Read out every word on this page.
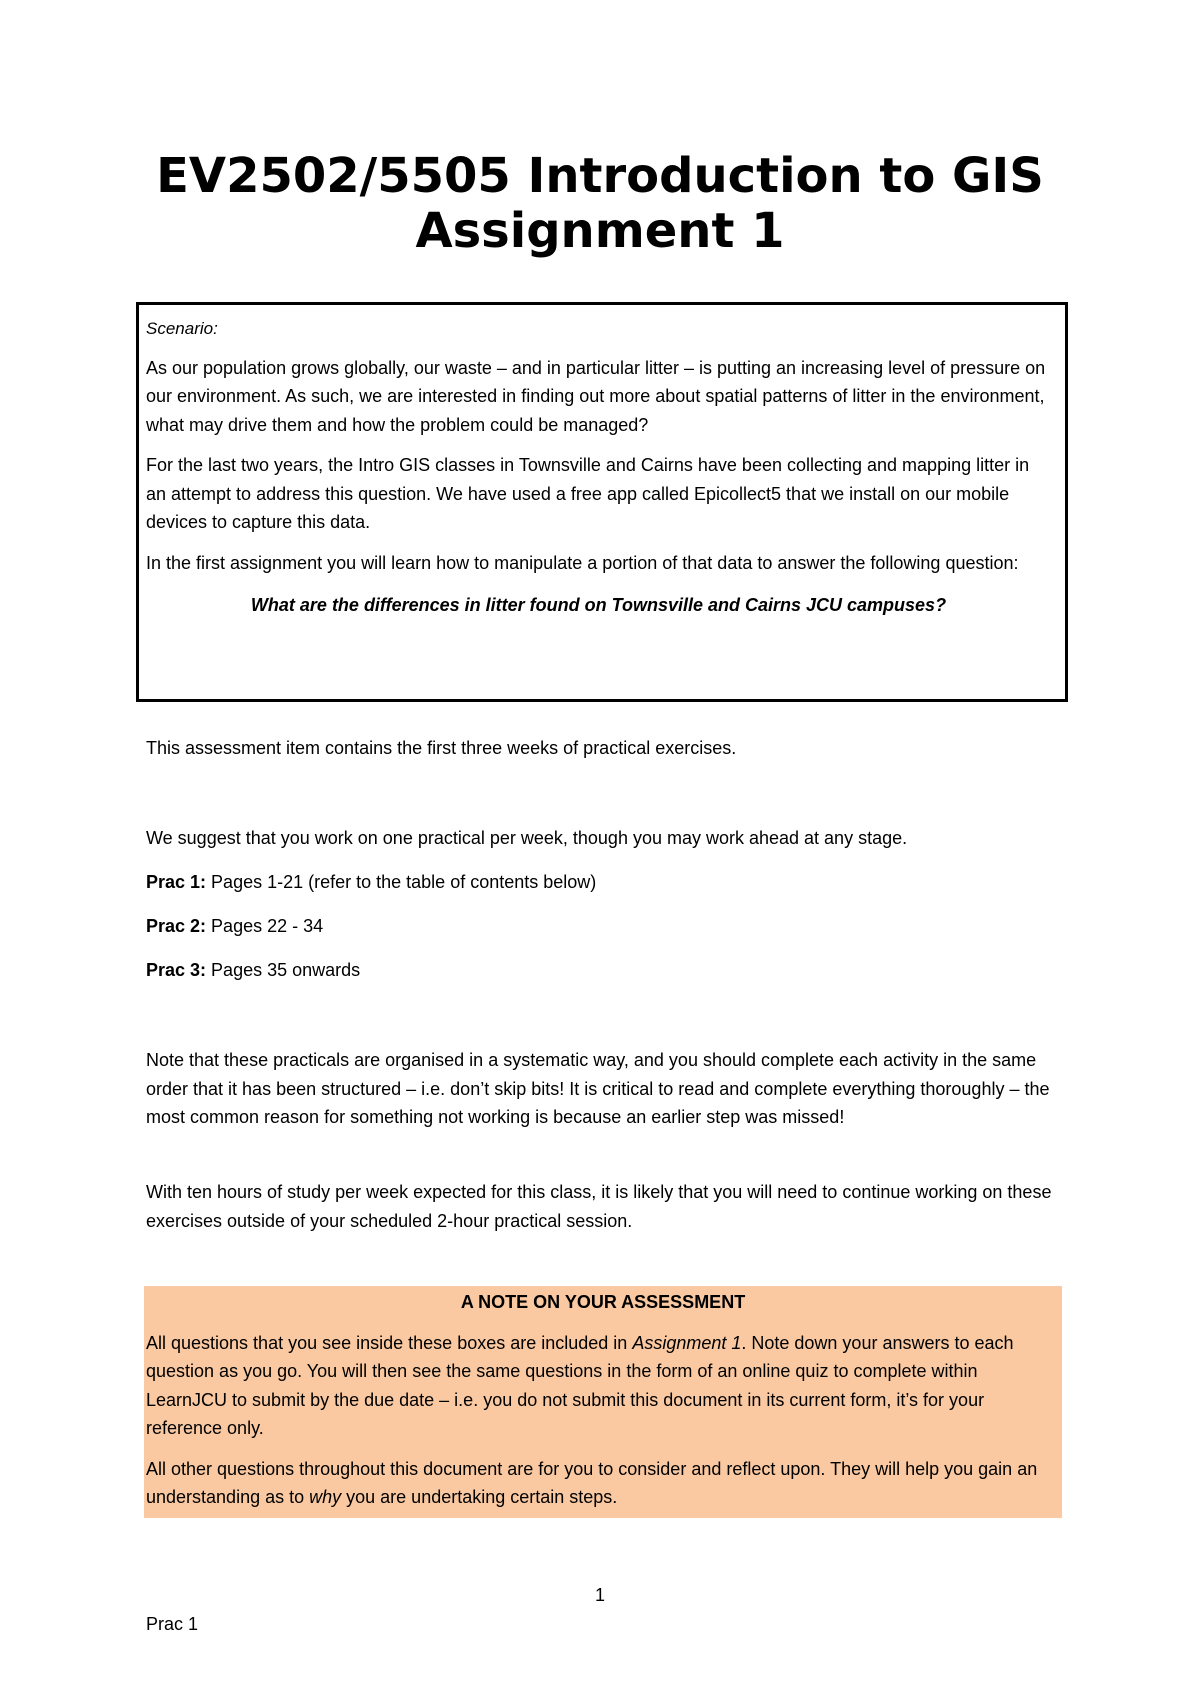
EV2502/5505 Introduction to GIS
Assignment 1

Scenario:

As our population grows globally, our waste – and in particular litter – is putting an increasing level of pressure on our environment. As such, we are interested in finding out more about spatial patterns of litter in the environment, what may drive them and how the problem could be managed?

For the last two years, the Intro GIS classes in Townsville and Cairns have been collecting and mapping litter in an attempt to address this question. We have used a free app called Epicollect5 that we install on our mobile devices to capture this data.

In the first assignment you will learn how to manipulate a portion of that data to answer the following question:

What are the differences in litter found on Townsville and Cairns JCU campuses?

This assessment item contains the first three weeks of practical exercises.

We suggest that you work on one practical per week, though you may work ahead at any stage.

Prac 1: Pages 1-21 (refer to the table of contents below)

Prac 2: Pages 22 - 34

Prac 3: Pages 35 onwards

Note that these practicals are organised in a systematic way, and you should complete each activity in the same order that it has been structured – i.e. don’t skip bits! It is critical to read and complete everything thoroughly – the most common reason for something not working is because an earlier step was missed!

With ten hours of study per week expected for this class, it is likely that you will need to continue working on these exercises outside of your scheduled 2-hour practical session.

A NOTE ON YOUR ASSESSMENT

All questions that you see inside these boxes are included in Assignment 1. Note down your answers to each question as you go. You will then see the same questions in the form of an online quiz to complete within LearnJCU to submit by the due date – i.e. you do not submit this document in its current form, it’s for your reference only.

All other questions throughout this document are for you to consider and reflect upon. They will help you gain an understanding as to why you are undertaking certain steps.

1

Prac 1
